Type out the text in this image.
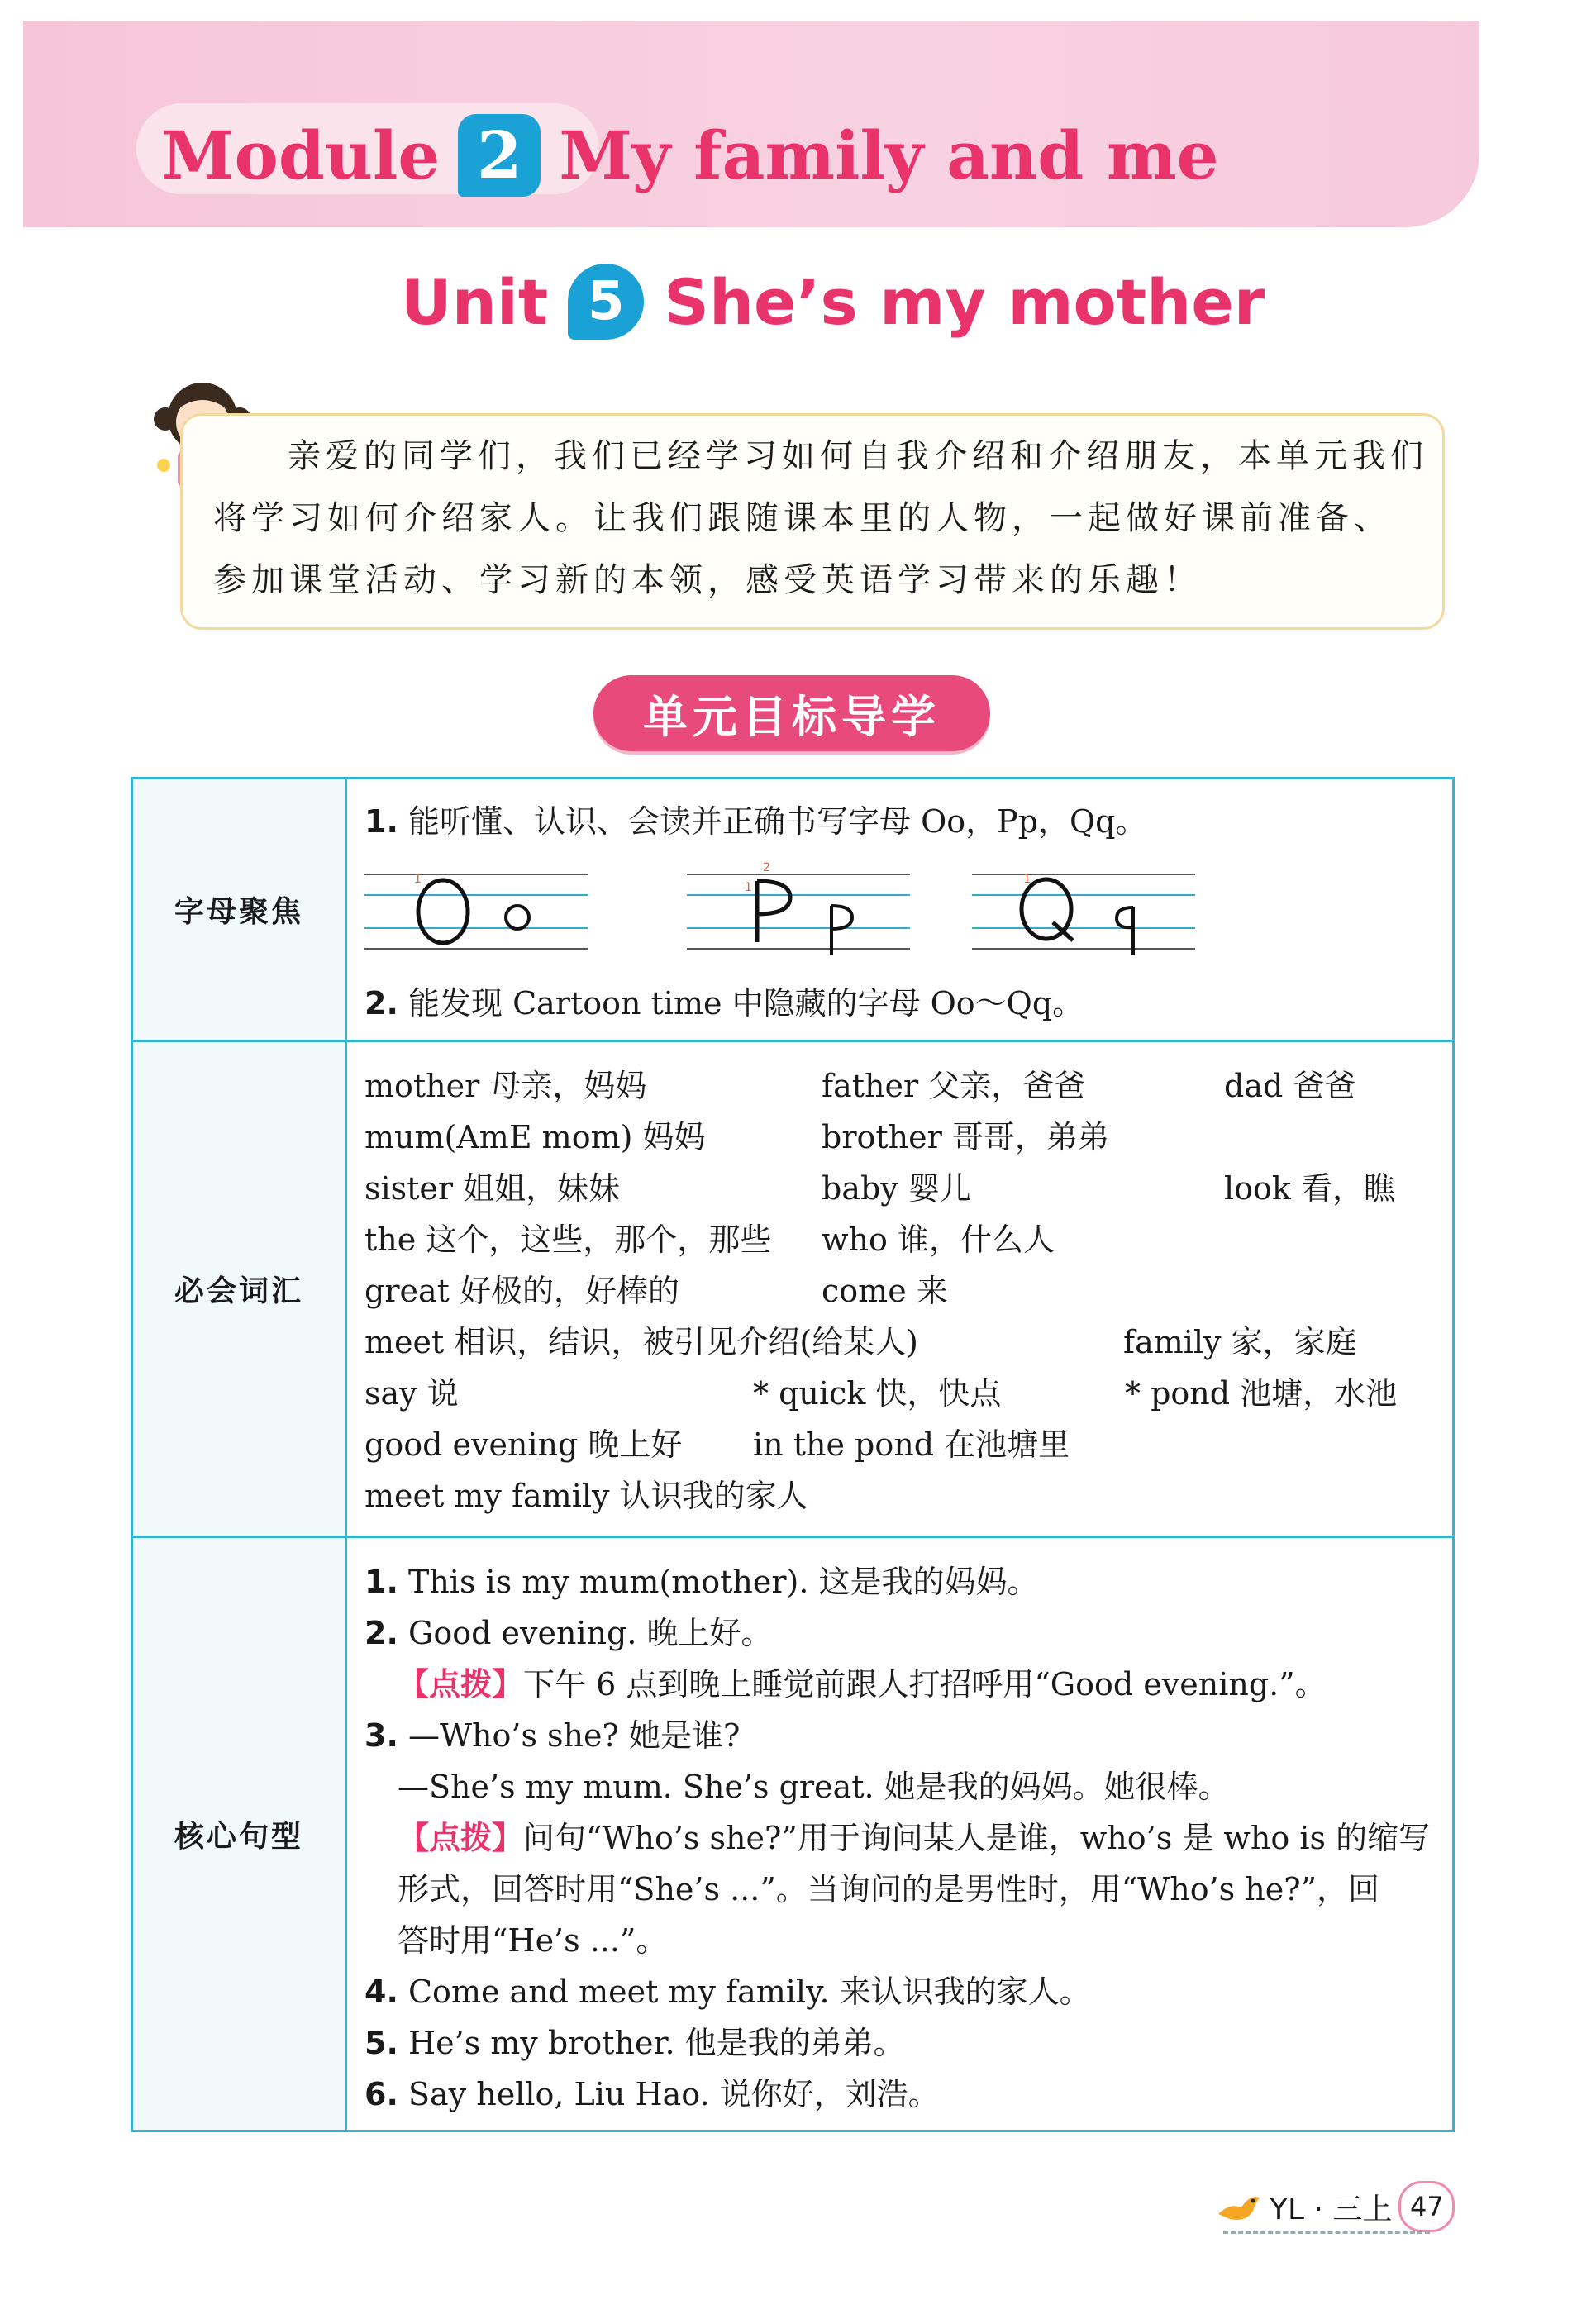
Module 2 My family and me
Unit 5 She’s my mother
亲爱的同学们，我们已经学习如何自我介绍和介绍朋友，本单元我们将学习如何介绍家人。让我们跟随课本里的人物，一起做好课前准备、参加课堂活动、学习新的本领，感受英语学习带来的乐趣！
单元目标导学
字母聚焦
1. 能听懂、认识、会读并正确书写字母 Oo，Pp，Qq。
1
2
1
1
2. 能发现 Cartoon time 中隐藏的字母 Oo～Qq。
必会词汇
mother 母亲，妈妈	father 父亲，爸爸	dad 爸爸
mum(AmE mom) 妈妈	brother 哥哥，弟弟
sister 姐姐，妹妹	baby 婴儿	look 看，瞧
the 这个，这些，那个，那些 who 谁，什么人
great 好极的，好棒的	come 来
meet 相识，结识，被引见介绍(给某人)	family 家，家庭
say 说	* quick 快，快点	* pond 池塘，水池
good evening 晚上好 in the pond 在池塘里
meet my family 认识我的家人
核心句型
1. This is my mum(mother). 这是我的妈妈。
2. Good evening. 晚上好。
【点拨】下午 6 点到晚上睡觉前跟人打招呼用“Good evening.”。
3. —Who’s she? 她是谁?
—She’s my mum. She’s great. 她是我的妈妈。她很棒。
【点拨】问句“Who’s she?”用于询问某人是谁，who’s 是 who is 的缩写
形式，回答时用“She’s ...”。当询问的是男性时，用“Who’s he?”，回
答时用“He’s ...”。
4. Come and meet my family. 来认识我的家人。
5. He’s my brother. 他是我的弟弟。
6. Say hello, Liu Hao. 说你好，刘浩。
YL · 三上 47
